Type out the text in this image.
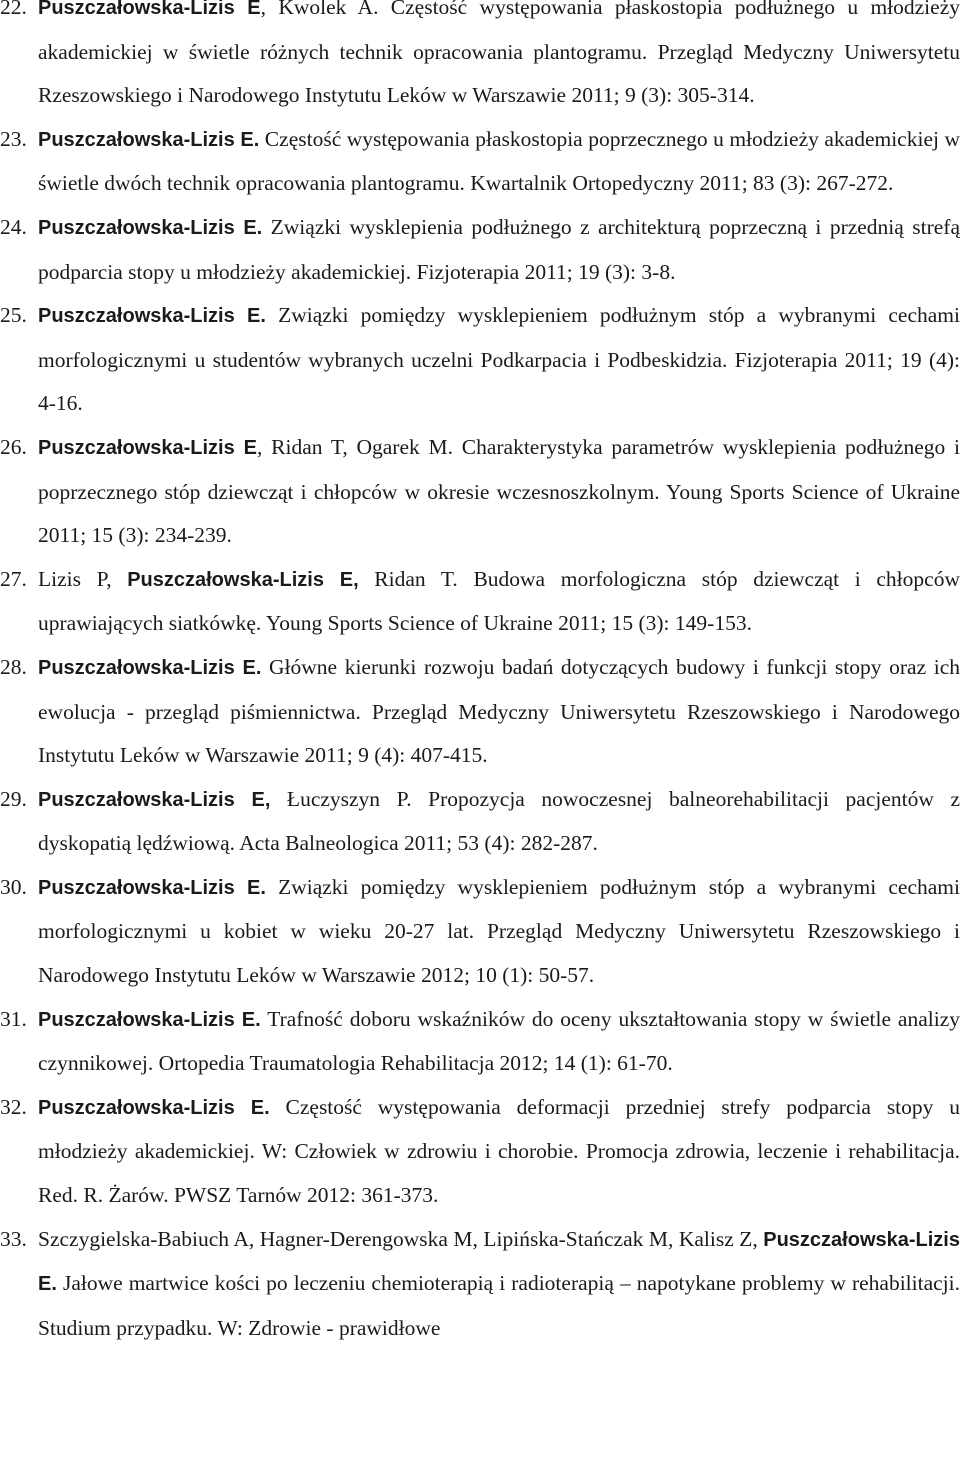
22. Puszczałowska-Lizis E, Kwolek A. Częstość występowania płaskostopia podłużnego u młodzieży akademickiej w świetle różnych technik opracowania plantogramu. Przegląd Medyczny Uniwersytetu Rzeszowskiego i Narodowego Instytutu Leków w Warszawie 2011; 9 (3): 305-314.
23. Puszczałowska-Lizis E. Częstość występowania płaskostopia poprzecznego u młodzieży akademickiej w świetle dwóch technik opracowania plantogramu. Kwartalnik Ortopedyczny 2011; 83 (3): 267-272.
24. Puszczałowska-Lizis E. Związki wysklepienia podłużnego z architekturą poprzeczną i przednią strefą podparcia stopy u młodzieży akademickiej. Fizjoterapia 2011; 19 (3): 3-8.
25. Puszczałowska-Lizis E. Związki pomiędzy wysklepieniem podłużnym stóp a wybranymi cechami morfologicznymi u studentów wybranych uczelni Podkarpacia i Podbeskidzia. Fizjoterapia 2011; 19 (4): 4-16.
26. Puszczałowska-Lizis E, Ridan T, Ogarek M. Charakterystyka parametrów wysklepienia podłużnego i poprzecznego stóp dziewcząt i chłopców w okresie wczesnoszkolnym. Young Sports Science of Ukraine 2011; 15 (3): 234-239.
27. Lizis P, Puszczałowska-Lizis E, Ridan T. Budowa morfologiczna stóp dziewcząt i chłopców uprawiających siatkówkę. Young Sports Science of Ukraine 2011; 15 (3): 149-153.
28. Puszczałowska-Lizis E. Główne kierunki rozwoju badań dotyczących budowy i funkcji stopy oraz ich ewolucja - przegląd piśmiennictwa. Przegląd Medyczny Uniwersytetu Rzeszowskiego i Narodowego Instytutu Leków w Warszawie 2011; 9 (4): 407-415.
29. Puszczałowska-Lizis E, Łuczyszyn P. Propozycja nowoczesnej balneorehabilitacji pacjentów z dyskopatią lędźwiową. Acta Balneologica 2011; 53 (4): 282-287.
30. Puszczałowska-Lizis E. Związki pomiędzy wysklepieniem podłużnym stóp a wybranymi cechami morfologicznymi u kobiet w wieku 20-27 lat. Przegląd Medyczny Uniwersytetu Rzeszowskiego i Narodowego Instytutu Leków w Warszawie 2012; 10 (1): 50-57.
31. Puszczałowska-Lizis E. Trafność doboru wskaźników do oceny ukształtowania stopy w świetle analizy czynnikowej. Ortopedia Traumatologia Rehabilitacja 2012; 14 (1): 61-70.
32. Puszczałowska-Lizis E. Częstość występowania deformacji przedniej strefy podparcia stopy u młodzieży akademickiej. W: Człowiek w zdrowiu i chorobie. Promocja zdrowia, leczenie i rehabilitacja. Red. R. Żarów. PWSZ Tarnów 2012: 361-373.
33. Szczygielska-Babiuch A, Hagner-Derengowska M, Lipińska-Stańczak M, Kalisz Z, Puszczałowska-Lizis E. Jałowe martwice kości po leczeniu chemioterapią i radioterapią – napotykane problemy w rehabilitacji. Studium przypadku. W: Zdrowie - prawidłowe
